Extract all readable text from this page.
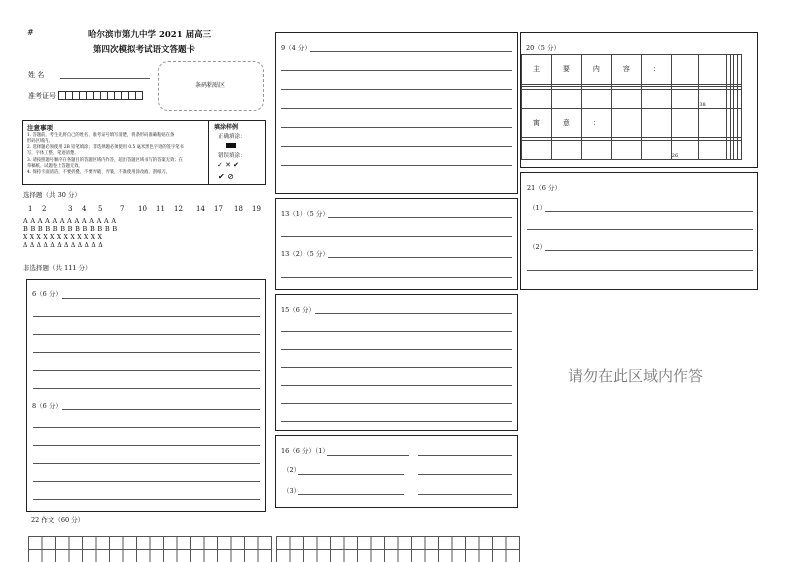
#	哈尔滨市第九中学 2021 届高三
第四次模拟考试语文答题卡
姓 名
准考证号
条码粘贴区
注意事项
1. 答题前，考生先将自己的姓名、准考证号填写清楚，将条形码准确粘贴在条
形码区域内。
2. 选择题必须使用 2B 铅笔填涂；非选择题必须使用 0.5 毫米黑色字迹的签字笔书
写，字体工整、笔迹清楚。
3. 请按照题号顺序在各题目的答题区域内作答，超出答题区域书写的答案无效；在
草稿纸、试题卷上答题无效。
4. 保持卡面清洁，不要折叠、不要弄破、弄皱，不准使用涂改液、刮纸刀。
填涂样例
正确填涂：
错误填涂：
✓ ✕ ✔
✔ ⊘
选择题（共 30 分）
1 2	3 4 5	7 10 11 12 14 17 18 19
A A A A A A A A A A A A A
B B B B B B B B B B B B B
X X X X X X X X X X X X
Δ Δ Δ Δ Δ Δ Δ Δ Δ Δ Δ Δ
非选择题（共 111 分）
6（6 分）
8（6 分）
22 作文（60 分）
9（4 分）
13（1）（5 分）
13（2）（5 分）
15（6 分）
16（6 分）（1）
（2）
（3）
20（5 分）
主	要	内	容	：						

						38				
寓	意	：								

					26					
21（6 分）
（1）
（2）
请勿在此区域内作答
